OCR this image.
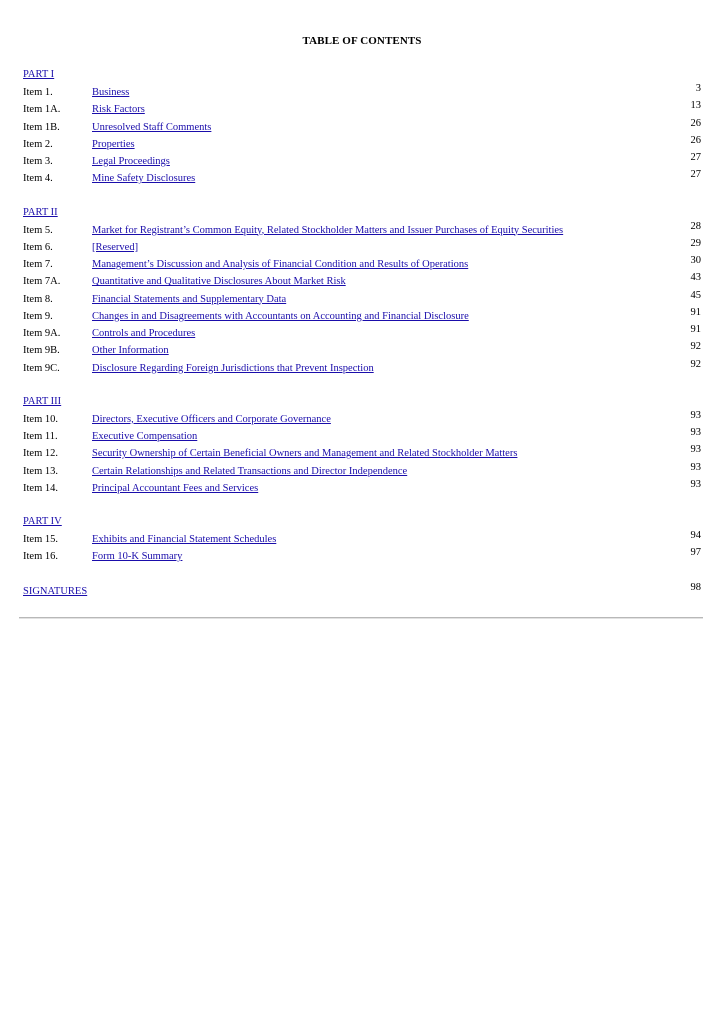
TABLE OF CONTENTS
PART I
Item 1.	Business	3
Item 1A.	Risk Factors	13
Item 1B.	Unresolved Staff Comments	26
Item 2.	Properties	26
Item 3.	Legal Proceedings	27
Item 4.	Mine Safety Disclosures	27
PART II
Item 5.	Market for Registrant’s Common Equity, Related Stockholder Matters and Issuer Purchases of Equity Securities	28
Item 6.	[Reserved]	29
Item 7.	Management’s Discussion and Analysis of Financial Condition and Results of Operations	30
Item 7A.	Quantitative and Qualitative Disclosures About Market Risk	43
Item 8.	Financial Statements and Supplementary Data	45
Item 9.	Changes in and Disagreements with Accountants on Accounting and Financial Disclosure	91
Item 9A.	Controls and Procedures	91
Item 9B.	Other Information	92
Item 9C.	Disclosure Regarding Foreign Jurisdictions that Prevent Inspection	92
PART III
Item 10.	Directors, Executive Officers and Corporate Governance	93
Item 11.	Executive Compensation	93
Item 12.	Security Ownership of Certain Beneficial Owners and Management and Related Stockholder Matters	93
Item 13.	Certain Relationships and Related Transactions and Director Independence	93
Item 14.	Principal Accountant Fees and Services	93
PART IV
Item 15.	Exhibits and Financial Statement Schedules	94
Item 16.	Form 10-K Summary	97
SIGNATURES	98
